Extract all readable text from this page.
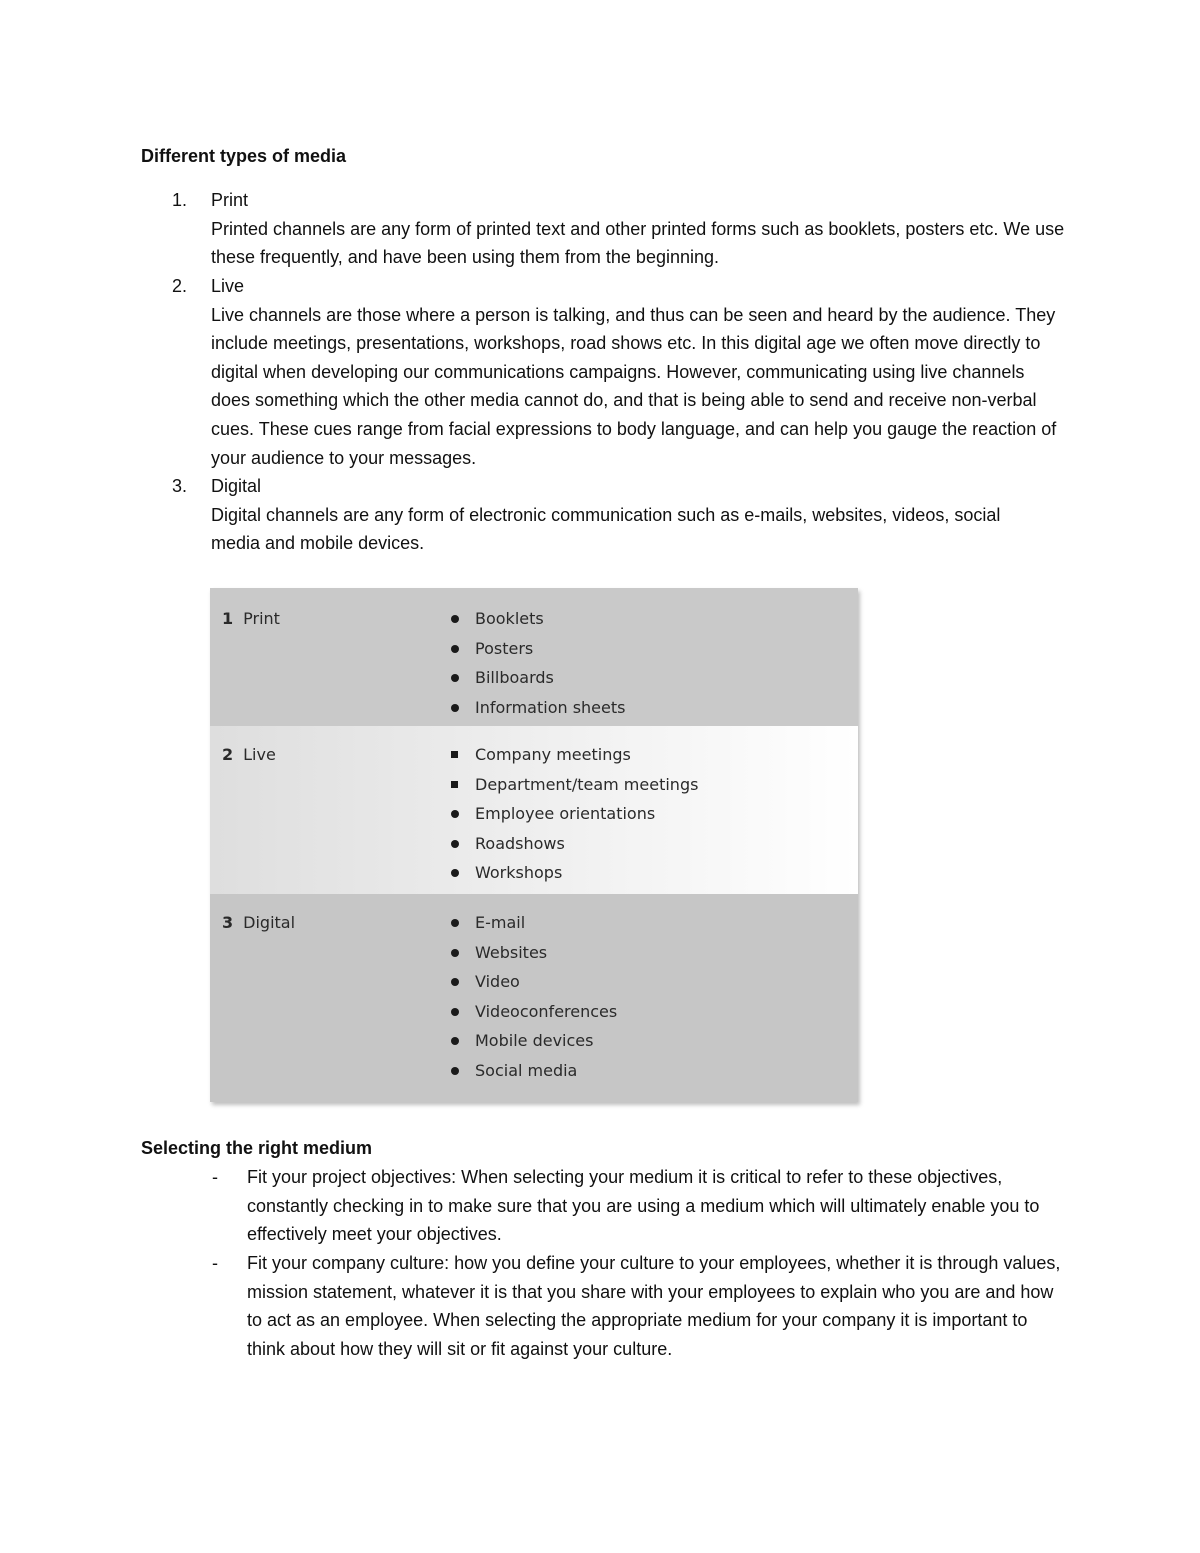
Different types of media
1. Print
Printed channels are any form of printed text and other printed forms such as booklets, posters etc. We use these frequently, and have been using them from the beginning.
2. Live
Live channels are those where a person is talking, and thus can be seen and heard by the audience. They include meetings, presentations, workshops, road shows etc. In this digital age we often move directly to digital when developing our communications campaigns. However, communicating using live channels does something which the other media cannot do, and that is being able to send and receive non-verbal cues. These cues range from facial expressions to body language, and can help you gauge the reaction of your audience to your messages.
3. Digital
Digital channels are any form of electronic communication such as e-mails, websites, videos, social media and mobile devices.
1 Print	Booklets
Posters
Billboards
Information sheets
2 Live	Company meetings
Department/team meetings
Employee orientations
Roadshows
Workshops
3 Digital	E-mail
Websites
Video
Videoconferences
Mobile devices
Social media
Selecting the right medium
- Fit your project objectives: When selecting your medium it is critical to refer to these objectives, constantly checking in to make sure that you are using a medium which will ultimately enable you to effectively meet your objectives.
- Fit your company culture: how you define your culture to your employees, whether it is through values, mission statement, whatever it is that you share with your employees to explain who you are and how to act as an employee. When selecting the appropriate medium for your company it is important to think about how they will sit or fit against your culture.
